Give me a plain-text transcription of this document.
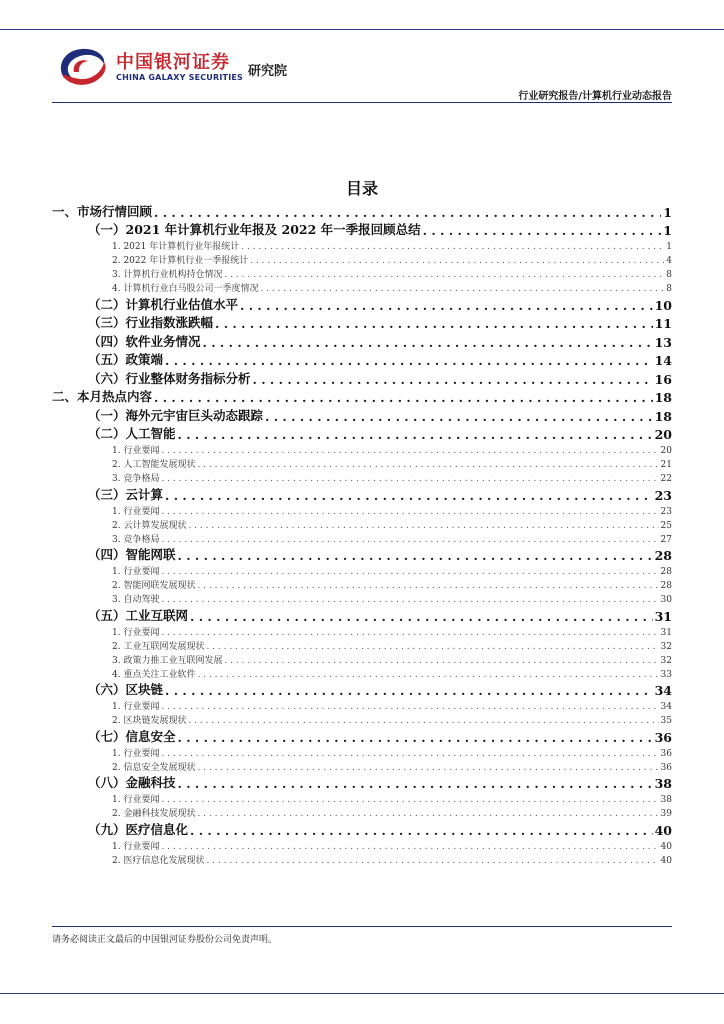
中国银河证券
CHINA GALAXY SECURITIES 研究院
行业研究报告/计算机行业动态报告
目录
一、市场行情回顾 . . .	1
（一）2021 年计算机行业年报及 2022 年一季报回顾总结 . . .	1
1. 2021 年计算机行业年报统计 . . .	1
2. 2022 年计算机行业一季报统计 . . .	4
3. 计算机行业机构持仓情况 . . .	8
4. 计算机行业白马股公司一季度情况 . . .	8
（二）计算机行业估值水平 . . .	10
（三）行业指数涨跌幅 . . .	11
（四）软件业务情况 . . .	13
（五）政策端 . . .	14
（六）行业整体财务指标分析 . . .	16
二、本月热点内容 . . .	18
（一）海外元宇宙巨头动态跟踪 . . .	18
（二）人工智能 . . .	20
1. 行业要闻 . . .	20
2. 人工智能发展现状 . . .	21
3. 竞争格局 . . .	22
（三）云计算 . . .	23
1. 行业要闻 . . .	23
2. 云计算发展现状 . . .	25
3. 竞争格局 . . .	27
（四）智能网联 . . .	28
1. 行业要闻 . . .	28
2. 智能网联发展现状 . . .	28
3. 自动驾驶 . . .	30
（五）工业互联网 . . .	31
1. 行业要闻 . . .	31
2. 工业互联网发展现状 . . .	32
3. 政策力推工业互联网发展 . . .	32
4. 重点关注工业软件 . . .	33
（六）区块链 . . .	34
1. 行业要闻 . . .	34
2. 区块链发展现状 . . .	35
（七）信息安全 . . .	36
1. 行业要闻 . . .	36
2. 信息安全发展现状 . . .	36
（八）金融科技 . . .	38
1. 行业要闻 . . .	38
2. 金融科技发展现状 . . .	39
（九）医疗信息化 . . .	40
1. 行业要闻 . . .	40
2. 医疗信息化发展现状 . . .	40
请务必阅读正文最后的中国银河证券股份公司免责声明。
